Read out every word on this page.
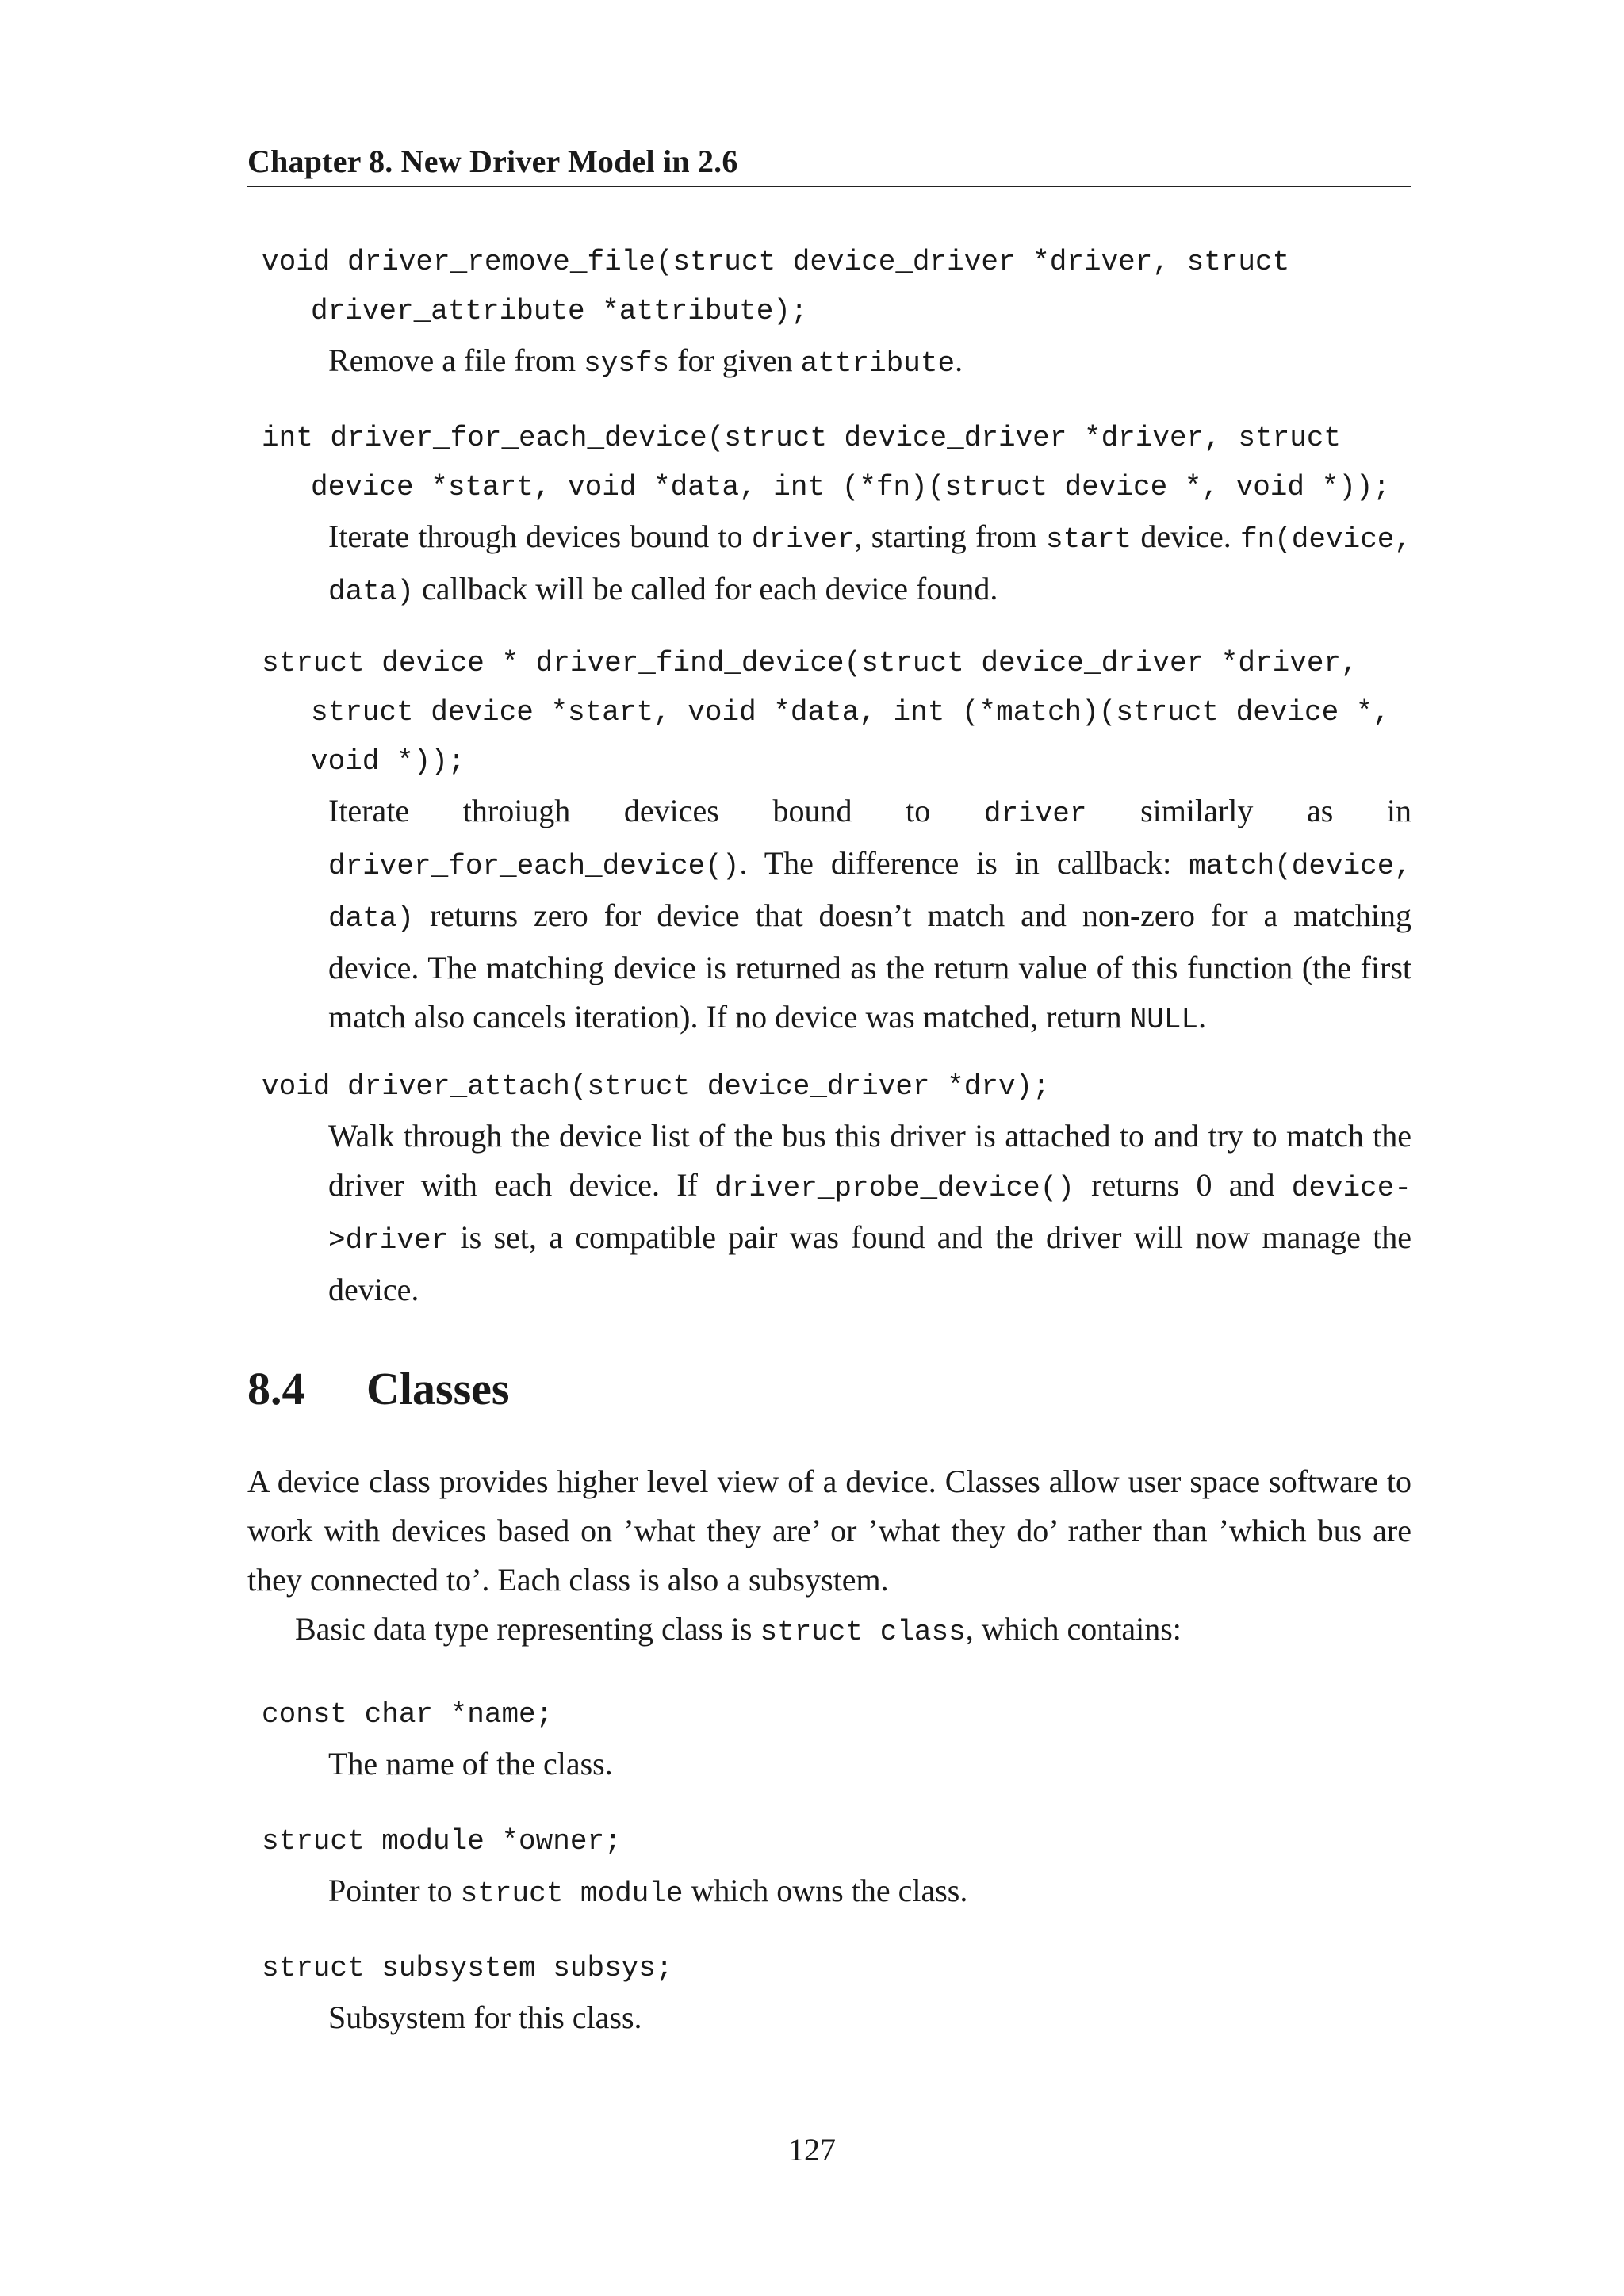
Chapter 8. New Driver Model in 2.6
void driver_remove_file(struct device_driver *driver, struct driver_attribute *attribute);
Remove a file from sysfs for given attribute.
int driver_for_each_device(struct device_driver *driver, struct device *start, void *data, int (*fn)(struct device *, void *));
Iterate through devices bound to driver, starting from start device. fn(device, data) callback will be called for each device found.
struct device * driver_find_device(struct device_driver *driver, struct device *start, void *data, int (*match)(struct device *, void *));
Iterate throiugh devices bound to driver similarly as in driver_for_each_device(). The difference is in callback: match(device, data) returns zero for device that doesn’t match and non-zero for a matching device. The matching device is returned as the return value of this function (the first match also cancels iteration). If no device was matched, return NULL.
void driver_attach(struct device_driver *drv);
Walk through the device list of the bus this driver is attached to and try to match the driver with each device. If driver_probe_device() returns 0 and device->driver is set, a compatible pair was found and the driver will now manage the device.
8.4 Classes
A device class provides higher level view of a device. Classes allow user space software to work with devices based on ’what they are’ or ’what they do’ rather than ’which bus are they connected to’. Each class is also a subsystem.
Basic data type representing class is struct class, which contains:
const char *name;
The name of the class.
struct module *owner;
Pointer to struct module which owns the class.
struct subsystem subsys;
Subsystem for this class.
127
